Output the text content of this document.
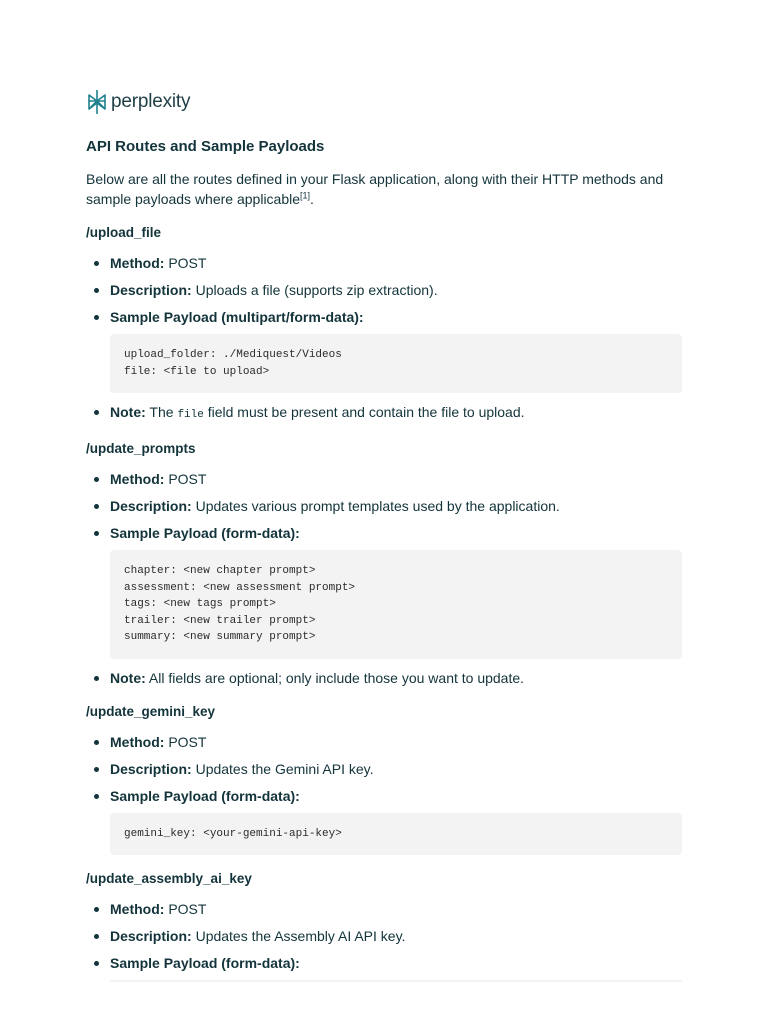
perplexity
API Routes and Sample Payloads

Below are all the routes defined in your Flask application, along with their HTTP methods and sample payloads where applicable[1].

/upload_file
Method: POST
Description: Uploads a file (supports zip extraction).
Sample Payload (multipart/form-data):
upload_folder: ./Mediquest/Videos
file: <file to upload>
Note: The file field must be present and contain the file to upload.
/update_prompts
Method: POST
Description: Updates various prompt templates used by the application.
Sample Payload (form-data):
chapter: <new chapter prompt>
assessment: <new assessment prompt>
tags: <new tags prompt>
trailer: <new trailer prompt>
summary: <new summary prompt>
Note: All fields are optional; only include those you want to update.
/update_gemini_key
Method: POST
Description: Updates the Gemini API key.
Sample Payload (form-data):
gemini_key: <your-gemini-api-key>
/update_assembly_ai_key
Method: POST
Description: Updates the Assembly AI API key.
Sample Payload (form-data):
